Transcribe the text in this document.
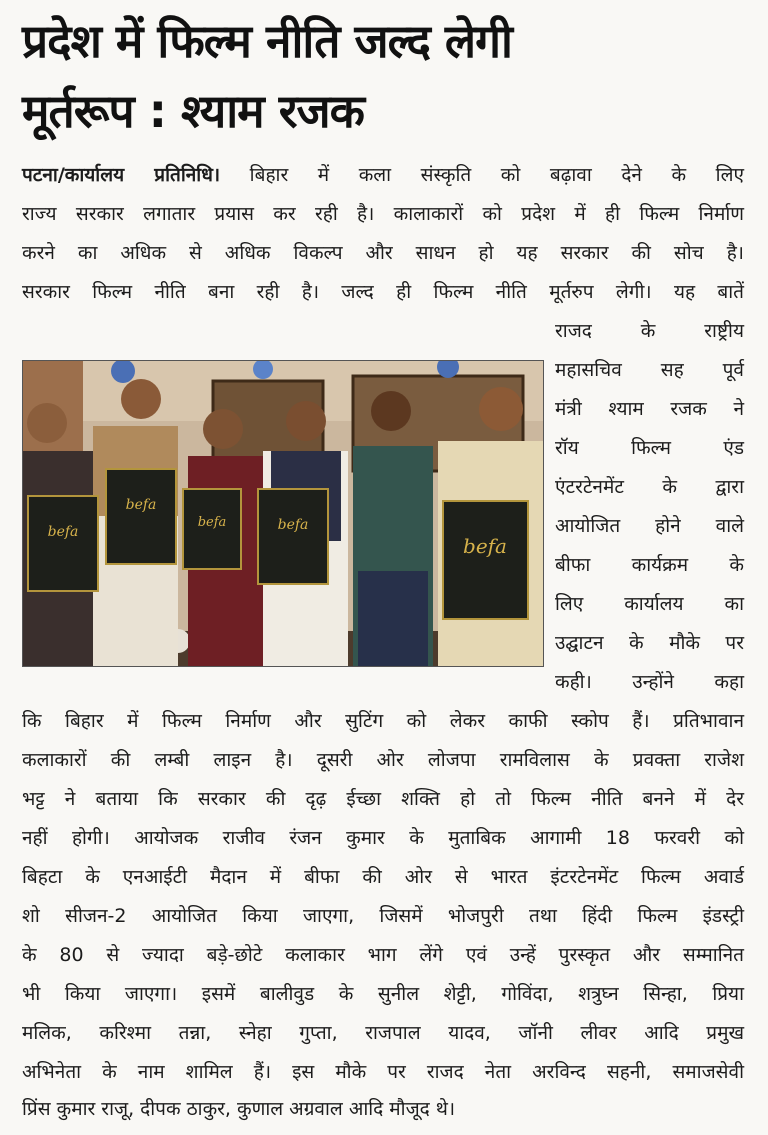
प्रदेश में फिल्म नीति जल्द लेगी
मूर्तरूप : श्याम रजक
पटना/कार्यालय प्रतिनिधि। बिहार में कला संस्कृति को बढ़ावा देने के लिए
राज्य सरकार लगातार प्रयास कर रही है। कालाकारों को प्रदेश में ही फिल्म निर्माण
करने का अधिक से अधिक विकल्प और साधन हो यह सरकार की सोच है।
सरकार फिल्म नीति बना रही है। जल्द ही फिल्म नीति मूर्तरुप लेगी। यह बातें
राजद के राष्ट्रीय
महासचिव सह पूर्व
मंत्री श्याम रजक ने
रॉय फिल्म एंड
एंटरटेनमेंट के द्वारा
आयोजित होने वाले
बीफा कार्यक्रम के
लिए कार्यालय का
उद्घाटन के मौके पर
कही। उन्होंने कहा
कि बिहार में फिल्म निर्माण और सुटिंग को लेकर काफी स्कोप हैं। प्रतिभावान
कलाकारों की लम्बी लाइन है। दूसरी ओर लोजपा रामविलास के प्रवक्ता राजेश
भट्ट ने बताया कि सरकार की दृढ़ ईच्छा शक्ति हो तो फिल्म नीति बनने में देर
नहीं होगी। आयोजक राजीव रंजन कुमार के मुताबिक आगामी 18 फरवरी को
बिहटा के एनआईटी मैदान में बीफा की ओर से भारत इंटरटेनमेंट फिल्म अवार्ड
शो सीजन-2 आयोजित किया जाएगा, जिसमें भोजपुरी तथा हिंदी फिल्म इंडस्ट्री
के 80 से ज्यादा बड़े-छोटे कलाकार भाग लेंगे एवं उन्हें पुरस्कृत और सम्मानित
भी किया जाएगा। इसमें बालीवुड के सुनील शेट्टी, गोविंदा, शत्रुघ्न सिन्हा, प्रिया
मलिक, करिश्मा तन्ना, स्नेहा गुप्ता, राजपाल यादव, जॉनी लीवर आदि प्रमुख
अभिनेता के नाम शामिल हैं। इस मौके पर राजद नेता अरविन्द सहनी, समाजसेवी
प्रिंस कुमार राजू, दीपक ठाकुर, कुणाल अग्रवाल आदि मौजूद थे।
befa
befa
befa	befa
befa
